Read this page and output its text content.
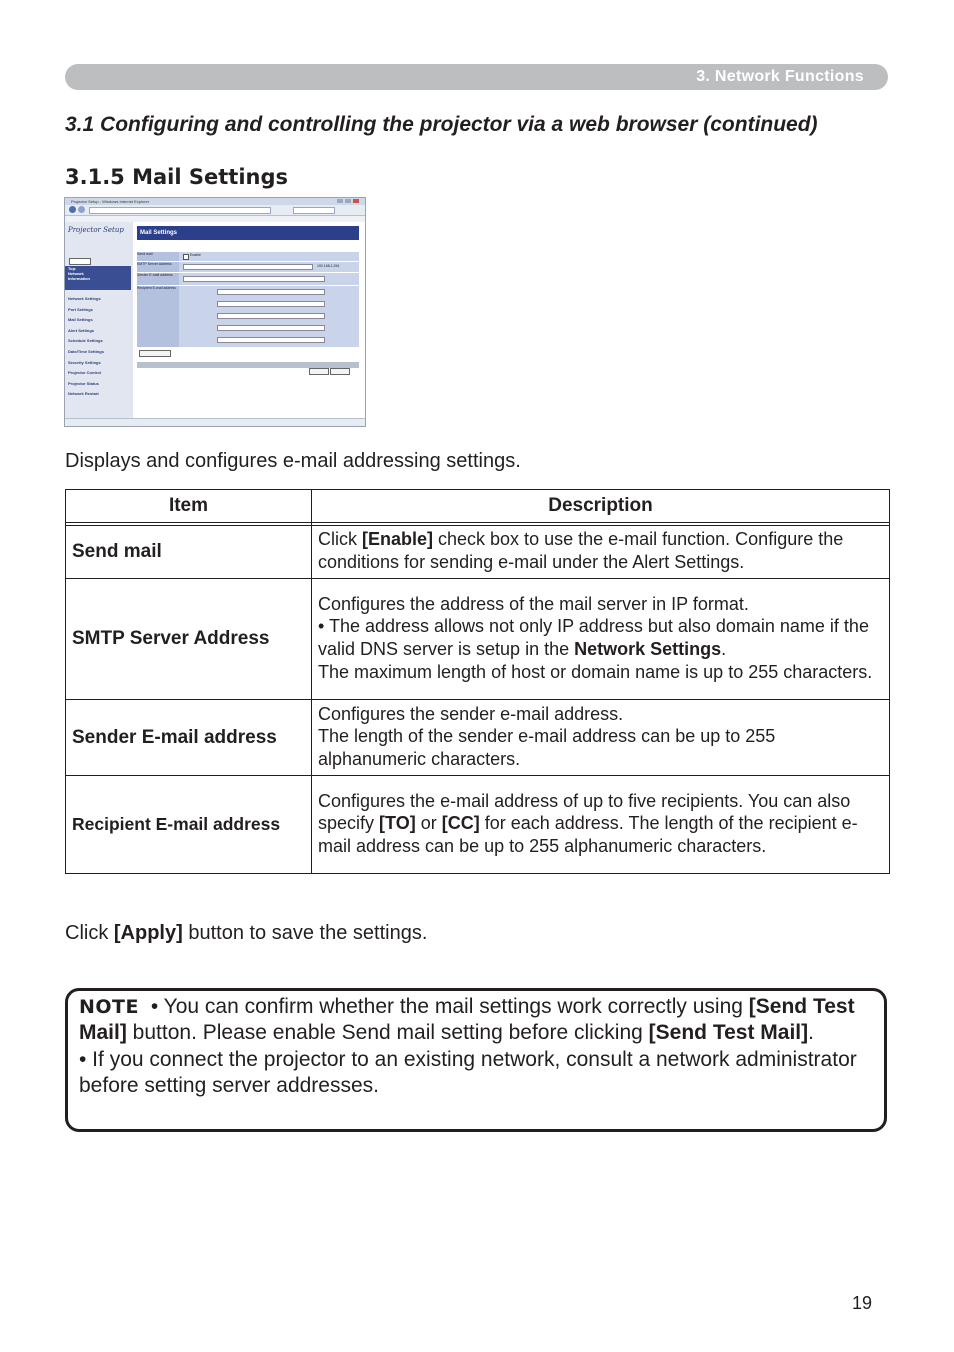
3. Network Functions
3.1 Configuring and controlling the projector via a web browser (continued)
3.1.5 Mail Settings
Projector Setup - Windows Internet Explorer
Projector Setup
Top:
Network
Information
Network Settings
Port Settings
Mail Settings
Alert Settings
Schedule Settings
Date/Time Settings
Security Settings
Projector Control
Projector Status
Network Restart
Mail Settings
Send mail	Enable
SMTP Server Address	192.168.1.254
Sender E-mail address
Recipient E-mail address
Displays and configures e-mail addressing settings.
Item	Description

Send mail	Click [Enable] check box to use the e-mail function. Configure the conditions for sending e-mail under the Alert Settings.
SMTP Server Address	Configures the address of the mail server in IP format.
• The address allows not only IP address but also domain name if the valid DNS server is setup in the Network Settings.
The maximum length of host or domain name is up to 255 characters.
Sender E-mail address	Configures the sender e-mail address.
The length of the sender e-mail address can be up to 255 alphanumeric characters.
Recipient E-mail address	Configures the e-mail address of up to five recipients. You can also specify [TO] or [CC] for each address. The length of the recipient e-mail address can be up to 255 alphanumeric characters.
Click [Apply] button to save the settings.
NOTE • You can confirm whether the mail settings work correctly using [Send Test Mail] button. Please enable Send mail setting before clicking [Send Test Mail].
• If you connect the projector to an existing network, consult a network administrator before setting server addresses.
19
